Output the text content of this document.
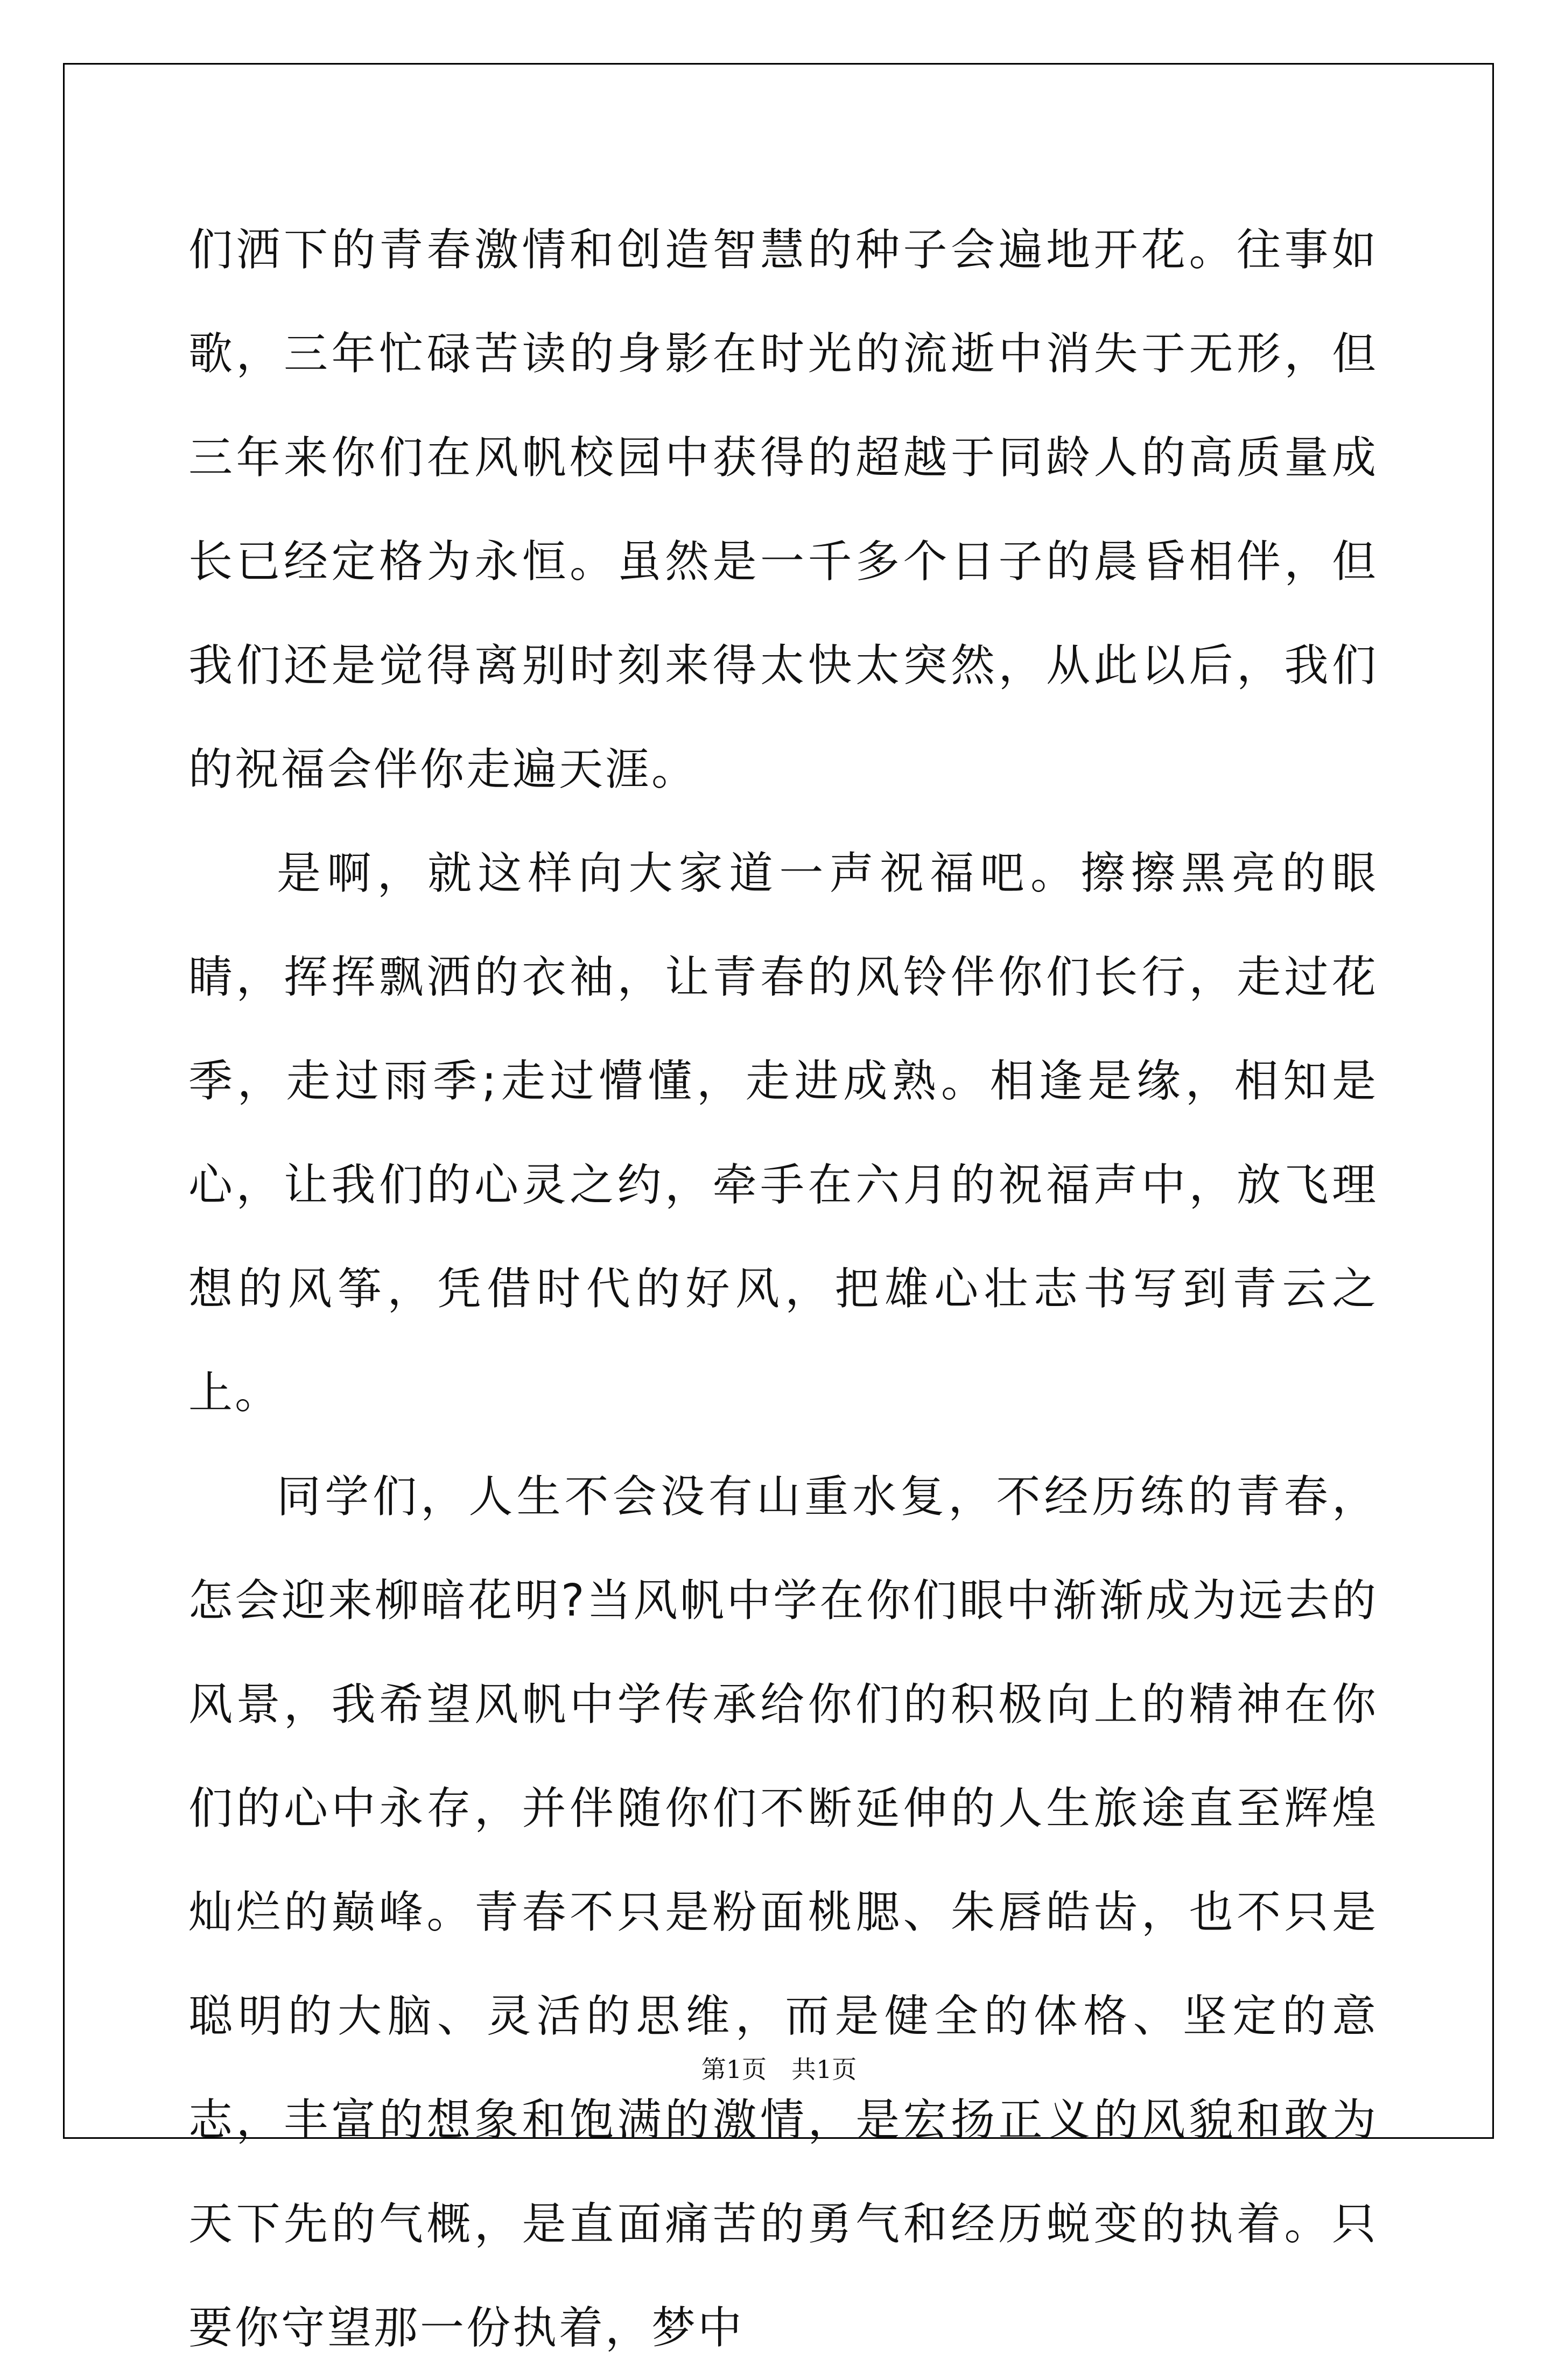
们洒下的青春激情和创造智慧的种子会遍地开花。往事如歌，三年忙碌苦读的身影在时光的流逝中消失于无形，但三年来你们在风帆校园中获得的超越于同龄人的高质量成长已经定格为永恒。虽然是一千多个日子的晨昏相伴，但我们还是觉得离别时刻来得太快太突然，从此以后，我们的祝福会伴你走遍天涯。

是啊，就这样向大家道一声祝福吧。擦擦黑亮的眼睛，挥挥飘洒的衣袖，让青春的风铃伴你们长行，走过花季，走过雨季;走过懵懂，走进成熟。相逢是缘，相知是心，让我们的心灵之约，牵手在六月的祝福声中，放飞理想的风筝，凭借时代的好风，把雄心壮志书写到青云之上。

同学们，人生不会没有山重水复，不经历练的青春，怎会迎来柳暗花明?当风帆中学在你们眼中渐渐成为远去的风景，我希望风帆中学传承给你们的积极向上的精神在你们的心中永存，并伴随你们不断延伸的人生旅途直至辉煌灿烂的巅峰。青春不只是粉面桃腮、朱唇皓齿，也不只是聪明的大脑、灵活的思维，而是健全的体格、坚定的意志，丰富的想象和饱满的激情，是宏扬正义的风貌和敢为天下先的气概，是直面痛苦的勇气和经历蜕变的执着。只要你守望那一份执着，梦中

第1页　共1页
